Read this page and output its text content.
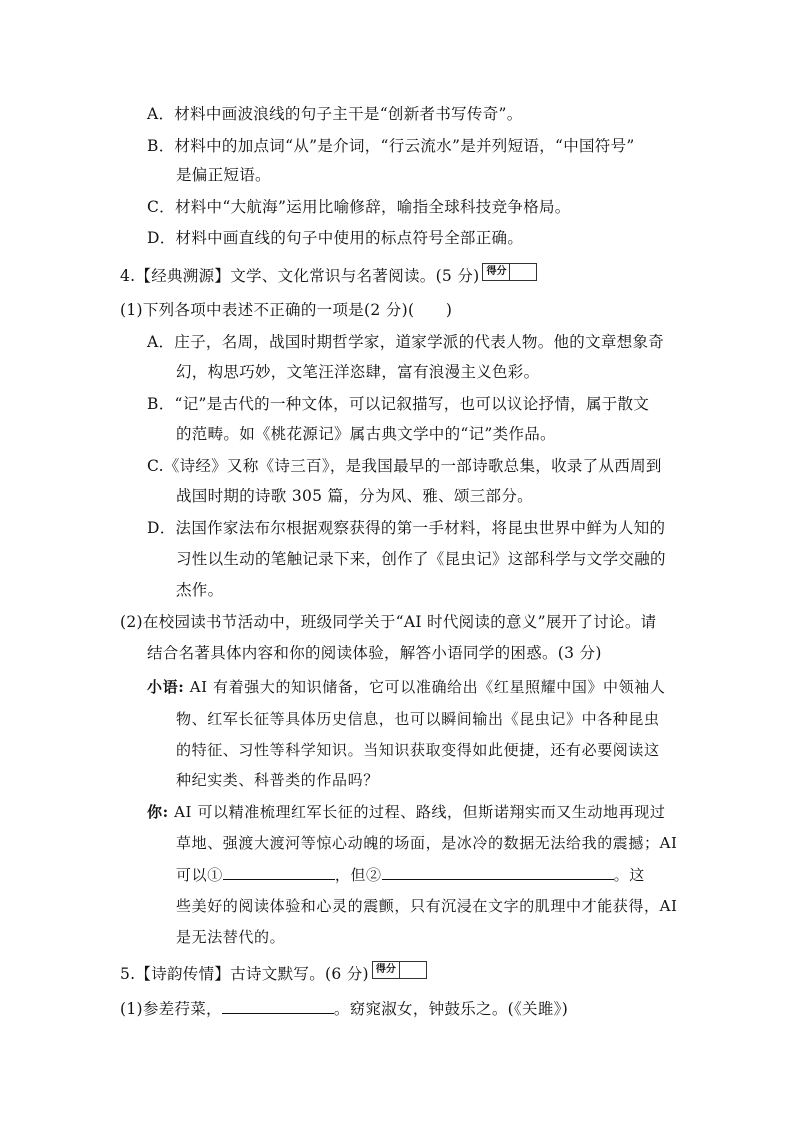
A．材料中画波浪线的句子主干是“创新者书写传奇”。
B．材料中的加点词“从”是介词，“行云流水”是并列短语，“中国符号”
是偏正短语。
C．材料中“大航海”运用比喻修辞，喻指全球科技竞争格局。
D．材料中画直线的句子中使用的标点符号全部正确。
4.【经典溯源】文学、文化常识与名著阅读。(5 分) 得分
(1)下列各项中表述不正确的一项是(2 分)(　　)
A．庄子，名周，战国时期哲学家，道家学派的代表人物。他的文章想象奇
幻，构思巧妙，文笔汪洋恣肆，富有浪漫主义色彩。
B．“记”是古代的一种文体，可以记叙描写，也可以议论抒情，属于散文
的范畴。如《桃花源记》属古典文学中的“记”类作品。
C.《诗经》又称《诗三百》，是我国最早的一部诗歌总集，收录了从西周到
战国时期的诗歌 305 篇，分为风、雅、颂三部分。
D．法国作家法布尔根据观察获得的第一手材料，将昆虫世界中鲜为人知的
习性以生动的笔触记录下来，创作了《昆虫记》这部科学与文学交融的
杰作。
(2)在校园读书节活动中，班级同学关于“AI 时代阅读的意义”展开了讨论。请
结合名著具体内容和你的阅读体验，解答小语同学的困惑。(3 分)
小语: AI 有着强大的知识储备，它可以准确给出《红星照耀中国》中领袖人
物、红军长征等具体历史信息，也可以瞬间输出《昆虫记》中各种昆虫
的特征、习性等科学知识。当知识获取变得如此便捷，还有必要阅读这
种纪实类、科普类的作品吗？
你: AI 可以精准梳理红军长征的过程、路线，但斯诺翔实而又生动地再现过
草地、强渡大渡河等惊心动魄的场面，是冰冷的数据无法给我的震撼；AI
可以①	，但②	。这
些美好的阅读体验和心灵的震颤，只有沉浸在文字的肌理中才能获得，AI
是无法替代的。
5.【诗韵传情】古诗文默写。(6 分) 得分
(1)参差荇菜，	。窈窕淑女，钟鼓乐之。(《关雎》)
